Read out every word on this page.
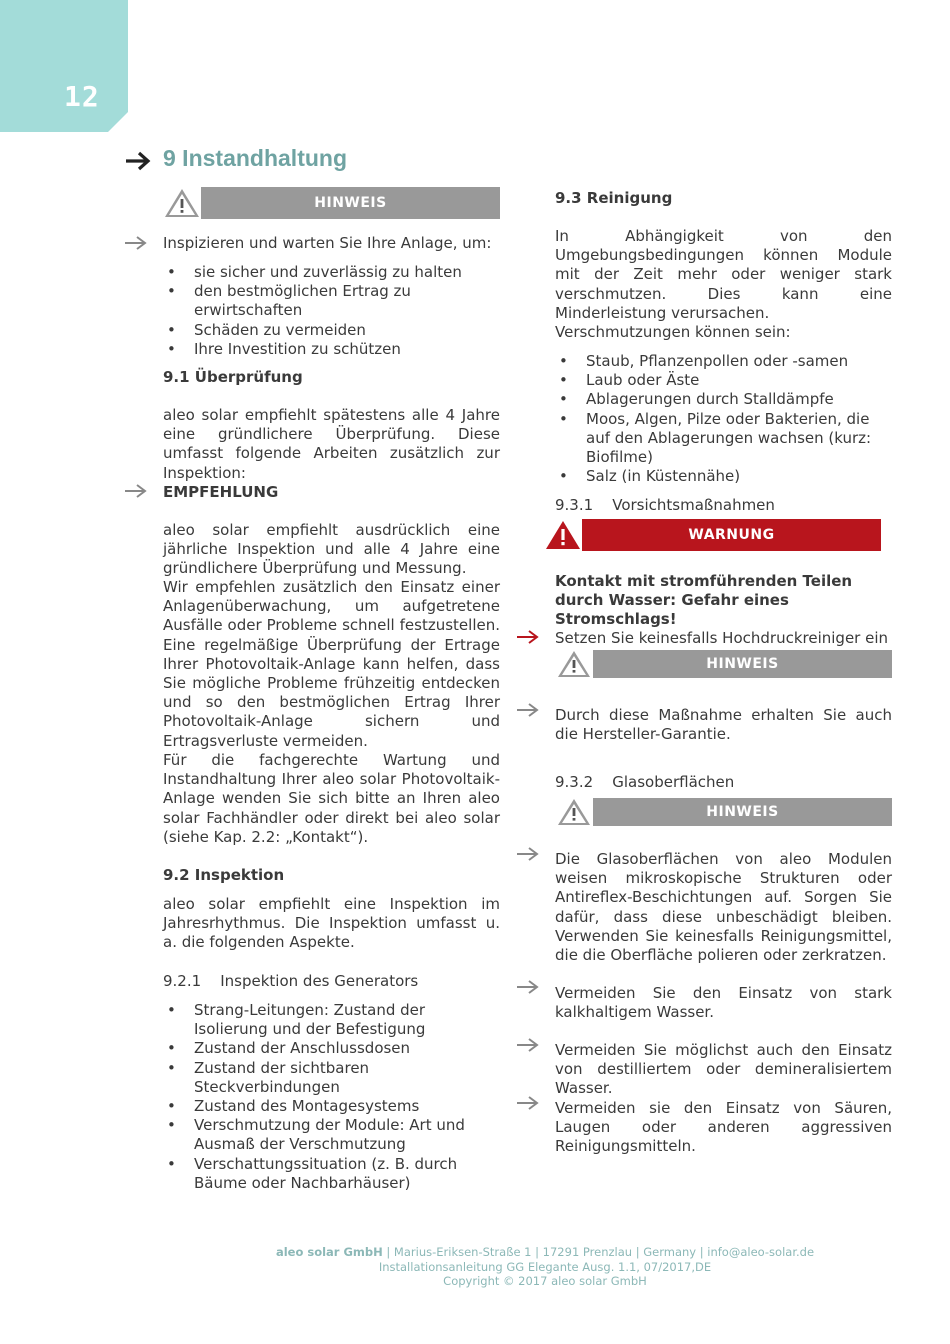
12
9 Instandhaltung
HINWEIS
Inspizieren und warten Sie Ihre Anlage, um:
• sie sicher und zuverlässig zu halten
• den bestmöglichen Ertrag zu erwirtschaften
• Schäden zu vermeiden
• Ihre Investition zu schützen
9.1 Überprüfung
aleo solar empfiehlt spätestens alle 4 Jahre eine gründlichere Überprüfung. Diese umfasst folgende Arbeiten zusätzlich zur Inspektion:
EMPFEHLUNG
aleo solar empfiehlt ausdrücklich eine jährliche Inspektion und alle 4 Jahre eine gründlichere Überprüfung und Messung.
Wir empfehlen zusätzlich den Einsatz einer Anlagenüberwachung, um aufgetretene Ausfälle oder Probleme schnell festzustellen. Eine regelmäßige Überprüfung der Ertrage Ihrer Photovoltaik-Anlage kann helfen, dass Sie mögliche Probleme frühzeitig entdecken und so den bestmöglichen Ertrag Ihrer Photovoltaik-Anlage sichern und Ertragsverluste vermeiden.
Für die fachgerechte Wartung und Instandhaltung Ihrer aleo solar Photovoltaik-Anlage wenden Sie sich bitte an Ihren aleo solar Fachhändler oder direkt bei aleo solar (siehe Kap. 2.2: „Kontakt“).
9.2 Inspektion
aleo solar empfiehlt eine Inspektion im Jahresrhythmus. Die Inspektion umfasst u. a. die folgenden Aspekte.
9.2.1    Inspektion des Generators
• Strang-Leitungen: Zustand der Isolierung und der Befestigung
• Zustand der Anschlussdosen
• Zustand der sichtbaren Steckverbindungen
• Zustand des Montagesystems
• Verschmutzung der Module: Art und Ausmaß der Verschmutzung
• Verschattungssituation (z. B. durch Bäume oder Nachbarhäuser)
9.3 Reinigung
In Abhängigkeit von den Umgebungsbedingungen können Module mit der Zeit mehr oder weniger stark verschmutzen. Dies kann eine Minderleistung verursachen.
Verschmutzungen können sein:
• Staub, Pflanzenpollen oder -samen
• Laub oder Äste
• Ablagerungen durch Stalldämpfe
• Moos, Algen, Pilze oder Bakterien, die auf den Ablagerungen wachsen (kurz: Biofilme)
• Salz (in Küstennähe)
9.3.1    Vorsichtsmaßnahmen
WARNUNG
Kontakt mit stromführenden Teilen durch Wasser: Gefahr eines Stromschlags!
Setzen Sie keinesfalls Hochdruckreiniger ein
HINWEIS
Durch diese Maßnahme erhalten Sie auch die Hersteller-Garantie.
9.3.2    Glasoberflächen
HINWEIS
Die Glasoberflächen von aleo Modulen weisen mikroskopische Strukturen oder Antireflex-Beschichtungen auf. Sorgen Sie dafür, dass diese unbeschädigt bleiben. Verwenden Sie keinesfalls Reinigungsmittel, die die Oberfläche polieren oder zerkratzen.
Vermeiden Sie den Einsatz von stark kalkhaltigem Wasser.
Vermeiden Sie möglichst auch den Einsatz von destilliertem oder demineralisiertem Wasser.
Vermeiden sie den Einsatz von Säuren, Laugen oder anderen aggressiven Reinigungsmitteln.
aleo solar GmbH | Marius-Eriksen-Straße 1 | 17291 Prenzlau | Germany | info@aleo-solar.de
Installationsanleitung GG Elegante Ausg. 1.1, 07/2017,DE
Copyright © 2017 aleo solar GmbH
